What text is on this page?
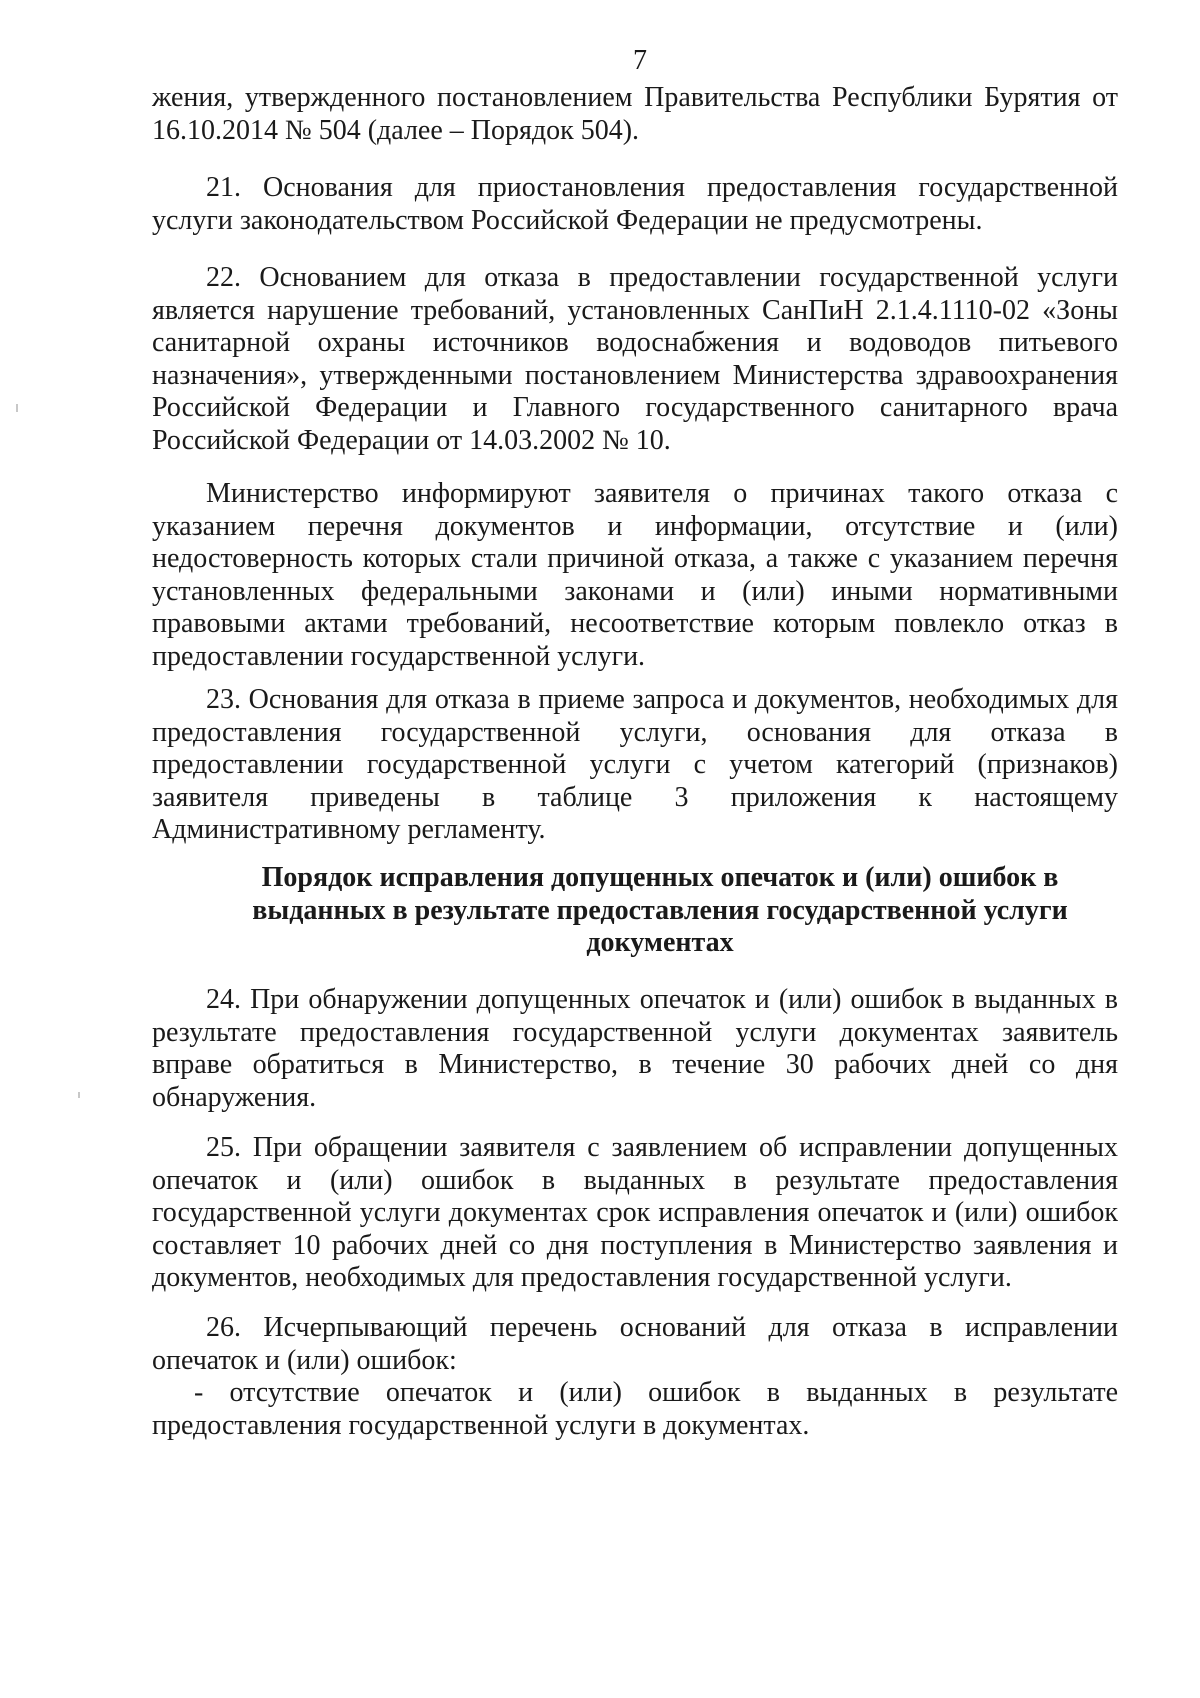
7

жения, утвержденного постановлением Правительства Республики Бурятия от 16.10.2014 № 504 (далее – Порядок 504).

21. Основания для приостановления предоставления государственной услуги законодательством Российской Федерации не предусмотрены.

22. Основанием для отказа в предоставлении государственной услуги является нарушение требований, установленных СанПиН 2.1.4.1110-02 «Зоны санитарной охраны источников водоснабжения и водоводов питьевого назначения», утвержденными постановлением Министерства здравоохранения Российской Федерации и Главного государственного санитарного врача Российской Федерации от 14.03.2002 № 10.

Министерство информируют заявителя о причинах такого отказа с указанием перечня документов и информации, отсутствие и (или) недостоверность которых стали причиной отказа, а также с указанием перечня установленных федеральными законами и (или) иными нормативными правовыми актами требований, несоответствие которым повлекло отказ в предоставлении государственной услуги.

23. Основания для отказа в приеме запроса и документов, необходимых для предоставления государственной услуги, основания для отказа в предоставлении государственной услуги с учетом категорий (признаков) заявителя приведены в таблице 3 приложения к настоящему Административному регламенту.

Порядок исправления допущенных опечаток и (или) ошибок в выданных в результате предоставления государственной услуги документах

24. При обнаружении допущенных опечаток и (или) ошибок в выданных в результате предоставления государственной услуги документах заявитель вправе обратиться в Министерство, в течение 30 рабочих дней со дня обнаружения.

25. При обращении заявителя с заявлением об исправлении допущенных опечаток и (или) ошибок в выданных в результате предоставления государственной услуги документах срок исправления опечаток и (или) ошибок составляет 10 рабочих дней со дня поступления в Министерство заявления и документов, необходимых для предоставления государственной услуги.

26. Исчерпывающий перечень оснований для отказа в исправлении опечаток и (или) ошибок:

- отсутствие опечаток и (или) ошибок в выданных в результате предоставления государственной услуги в документах.
